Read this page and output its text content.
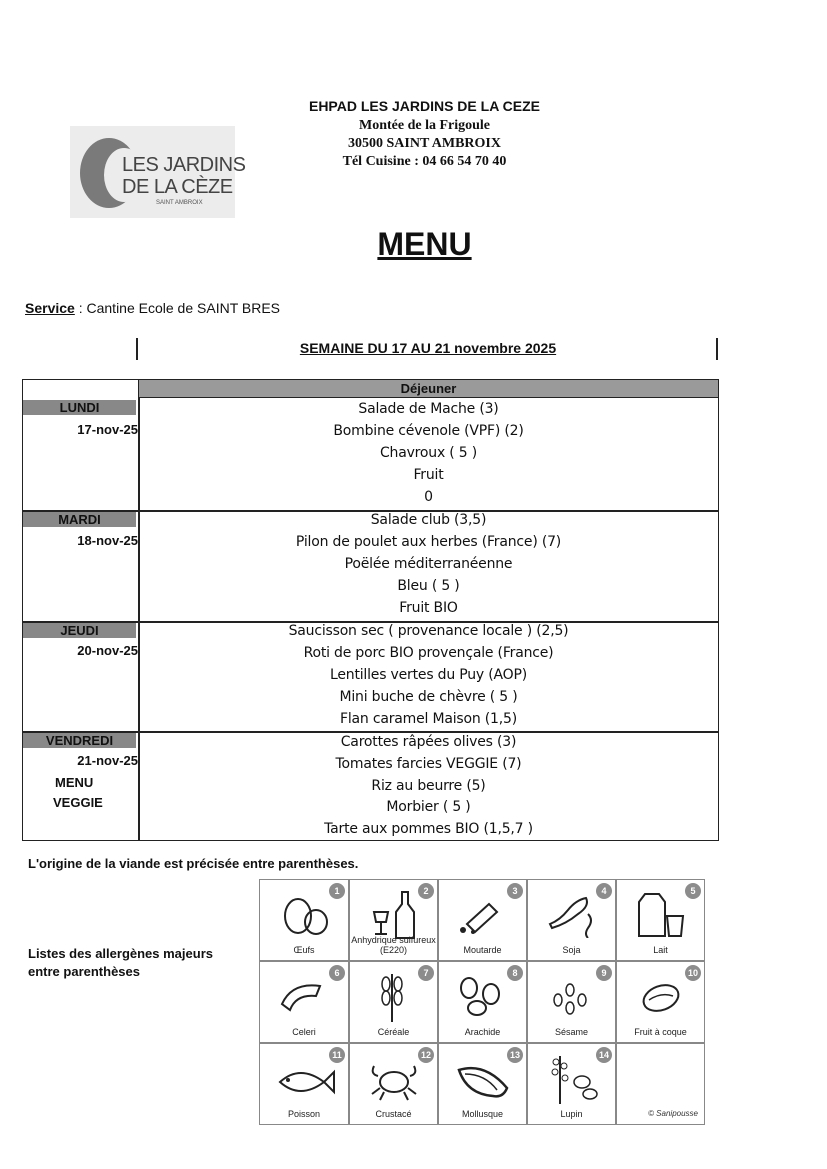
LES JARDINS
DE LA CÈZE
SAINT AMBROIX
EHPAD LES JARDINS DE LA CEZE
Montée de la Frigoule
30500 SAINT AMBROIX
Tél Cuisine : 04 66 54 70 40
MENU
Service : Cantine Ecole de SAINT BRES
SEMAINE DU 17 AU 21 novembre 2025
Déjeuner
LUNDI
17-nov-25
Salade de Mache (3)
Bombine cévenole (VPF) (2)
Chavroux ( 5 )
Fruit
0
MARDI
18-nov-25
Salade club (3,5)
Pilon de poulet aux herbes (France) (7)
Poëlée méditerranéenne
Bleu ( 5 )
Fruit BIO
JEUDI
20-nov-25
Saucisson sec ( provenance locale ) (2,5)
Roti de porc BIO provençale (France)
Lentilles vertes du Puy (AOP)
Mini buche de chèvre ( 5 )
Flan caramel Maison (1,5)
VENDREDI
21-nov-25
MENU
VEGGIE
Carottes râpées olives (3)
Tomates farcies VEGGIE (7)
Riz au beurre (5)
Morbier ( 5 )
Tarte aux pommes BIO (1,5,7 )
L'origine de la viande est précisée entre parenthèses.
Listes des allergènes majeurs
entre parenthèses
1
Œufs
2
Anhydrique sulfureux (E220)
3
Moutarde
4
Soja
5
Lait
6
Celeri
7
Céréale
8
Arachide
9
Sésame
10
Fruit à coque
11
Poisson
12
Crustacé
13
Mollusque
14
Lupin	© Sanipousse
